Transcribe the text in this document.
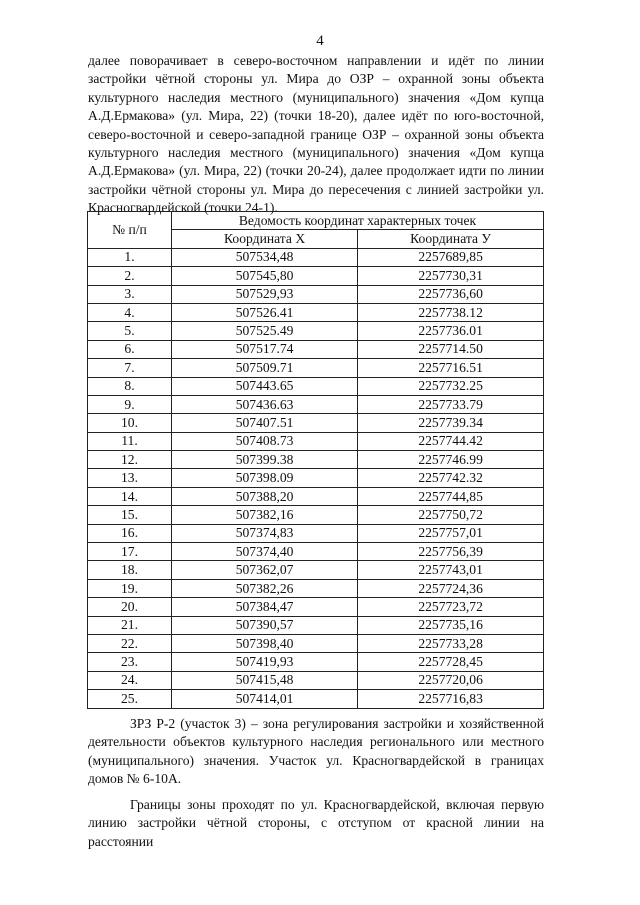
4

далее поворачивает в северо-восточном направлении и идёт по линии застройки чётной стороны ул. Мира до ОЗР – охранной зоны объекта культурного наследия местного (муниципального) значения «Дом купца А.Д.Ермакова» (ул. Мира, 22) (точки 18-20), далее идёт по юго-восточной, северо-восточной и северо-западной границе ОЗР – охранной зоны объекта культурного наследия местного (муниципального) значения «Дом купца А.Д.Ермакова» (ул. Мира, 22) (точки 20-24), далее продолжает идти по линии застройки чётной стороны ул. Мира до пересечения с линией застройки ул. Красногвардейской (точки 24-1).

№ п/п	Ведомость координат характерных точек	
	Координата X	Координата У
1.	507534,48	2257689,85
2.	507545,80	2257730,31
3.	507529,93	2257736,60
4.	507526.41	2257738.12
5.	507525.49	2257736.01
6.	507517.74	2257714.50
7.	507509.71	2257716.51
8.	507443.65	2257732.25
9.	507436.63	2257733.79
10.	507407.51	2257739.34
11.	507408.73	2257744.42
12.	507399.38	2257746.99
13.	507398.09	2257742.32
14.	507388,20	2257744,85
15.	507382,16	2257750,72
16.	507374,83	2257757,01
17.	507374,40	2257756,39
18.	507362,07	2257743,01
19.	507382,26	2257724,36
20.	507384,47	2257723,72
21.	507390,57	2257735,16
22.	507398,40	2257733,28
23.	507419,93	2257728,45
24.	507415,48	2257720,06
25.	507414,01	2257716,83

ЗРЗ Р-2 (участок 3) – зона регулирования застройки и хозяйственной деятельности объектов культурного наследия регионального или местного (муниципального) значения. Участок ул. Красногвардейской в границах домов № 6-10А.

Границы зоны проходят по ул. Красногвардейской, включая первую линию застройки чётной стороны, с отступом от красной линии на расстоянии
